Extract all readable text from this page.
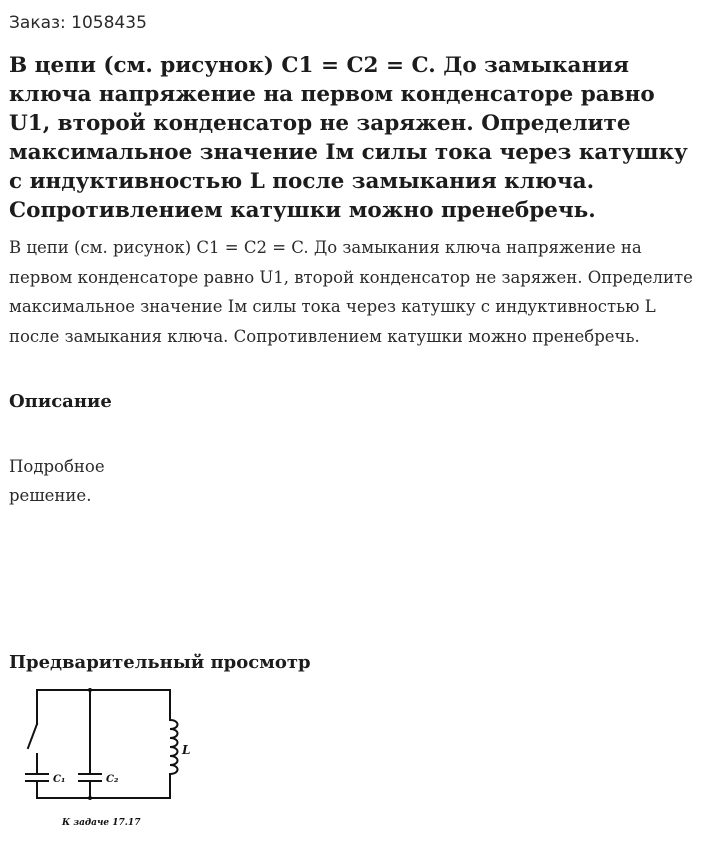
Заказ: 1058435
В цепи (см. рисунок) C1 = C2 = C. До замыкания ключа напряжение на первом конденсаторе равно U1, второй конденсатор не заряжен. Определите максимальное значение Iм силы тока через катушку с индуктивностью L после замыкания ключа. Сопротивлением катушки можно пренебречь.

В цепи (см. рисунок) C1 = C2 = C. До замыкания ключа напряжение на первом конденсаторе равно U1, второй конденсатор не заряжен. Определите максимальное значение Iм силы тока через катушку с индуктивностью L после замыкания ключа. Сопротивлением катушки можно пренебречь.

Описание

Подробное решение.

Предварительный просмотр
C₁	C₂
L
К задаче 17.17
